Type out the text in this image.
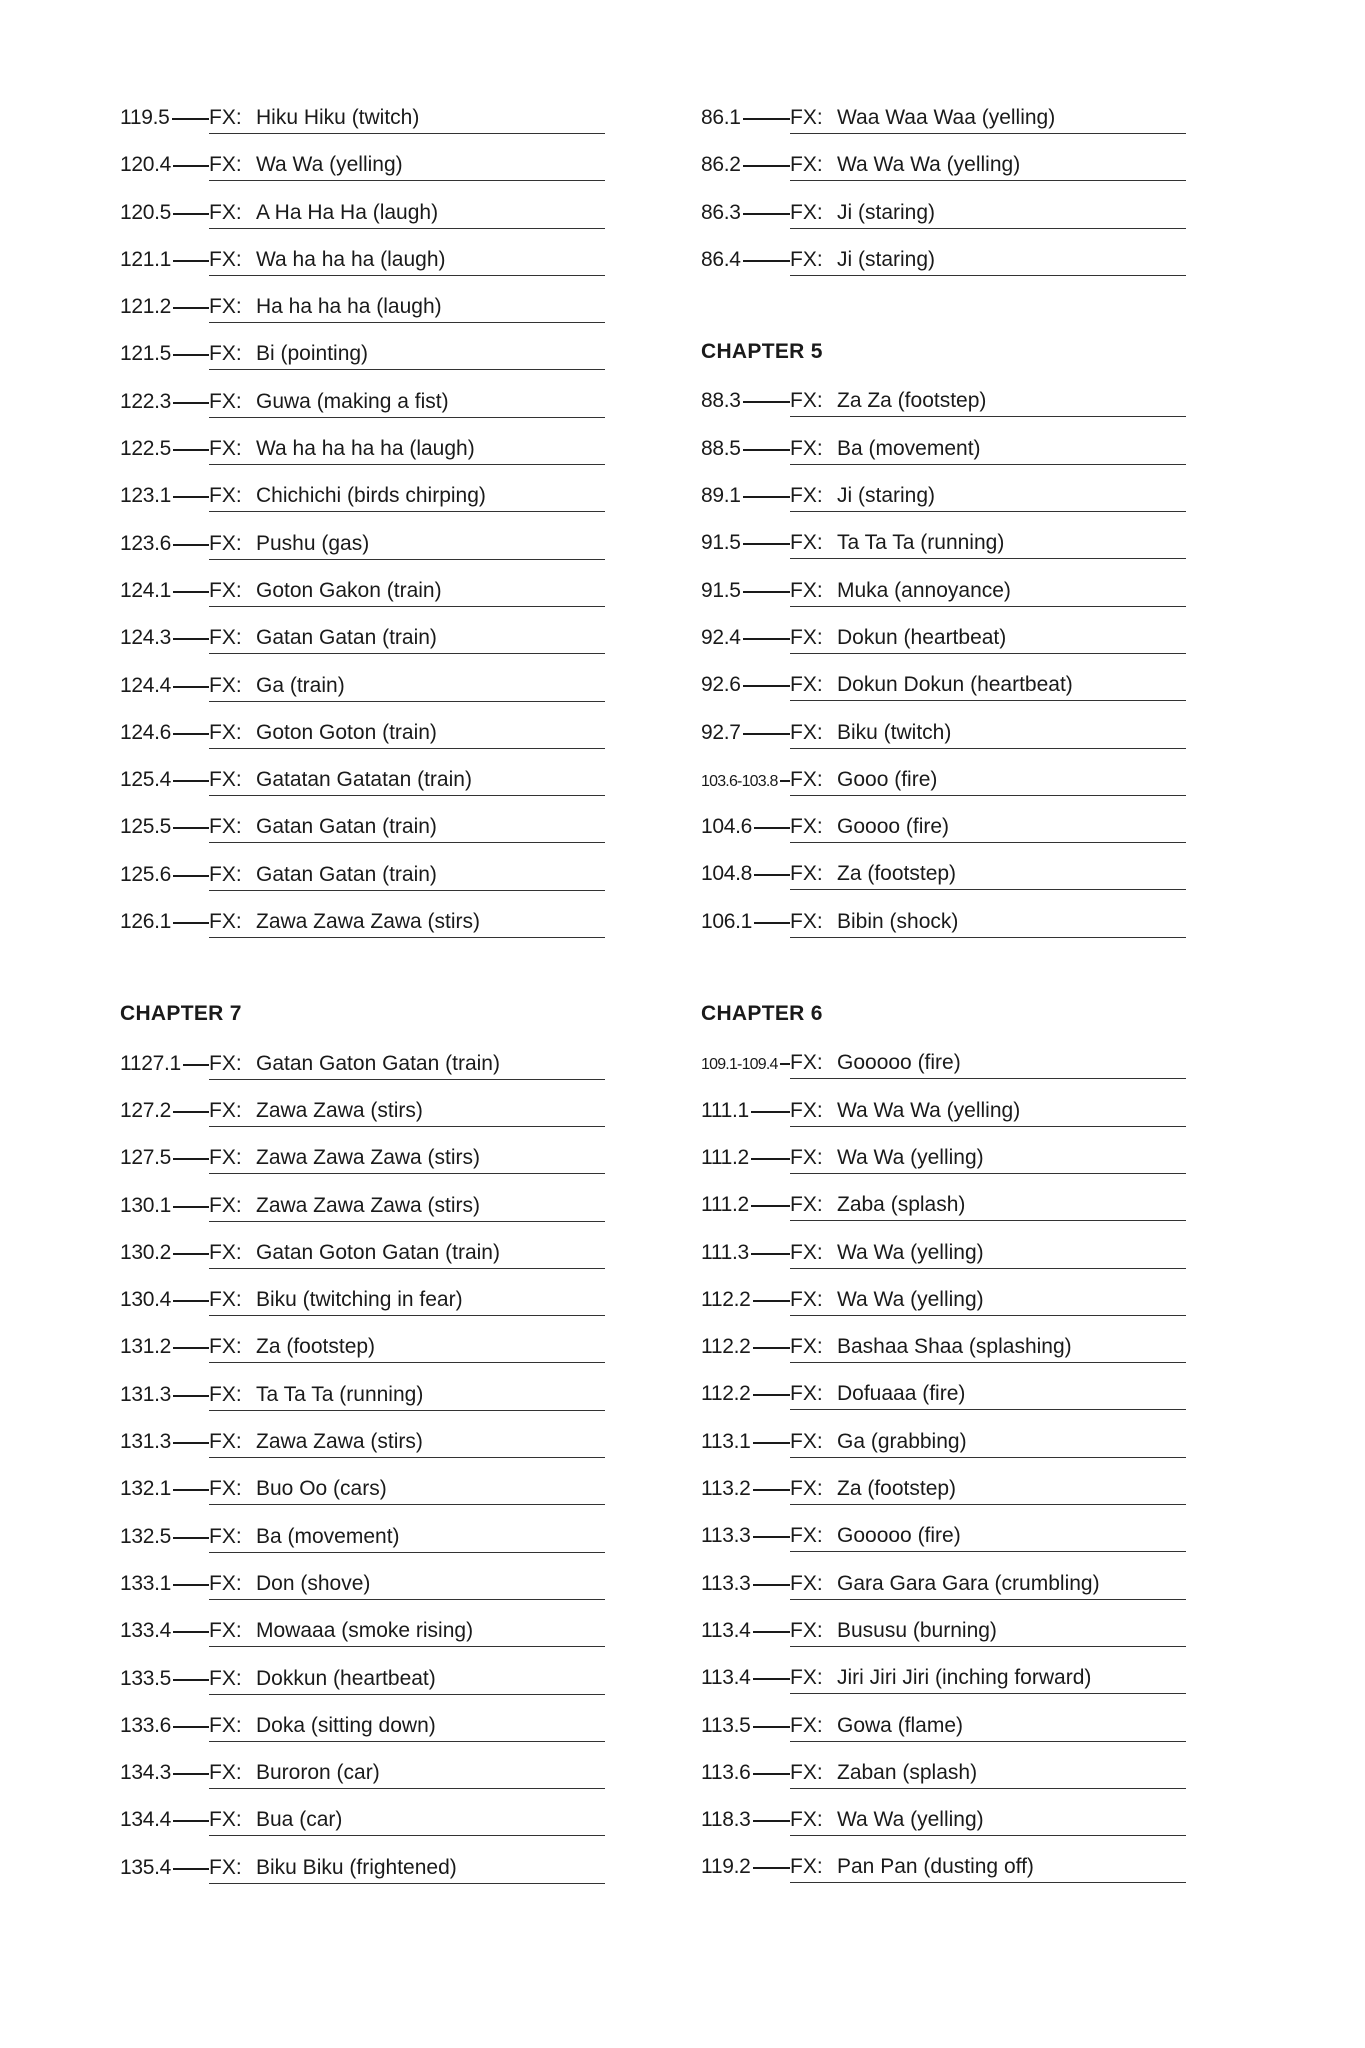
119.5 FX: Hiku Hiku (twitch)
120.4 FX: Wa Wa (yelling)
120.5 FX: A Ha Ha Ha (laugh)
121.1 FX: Wa ha ha ha (laugh)
121.2 FX: Ha ha ha ha (laugh)
121.5 FX: Bi (pointing)
122.3 FX: Guwa (making a fist)
122.5 FX: Wa ha ha ha ha (laugh)
123.1 FX: Chichichi (birds chirping)
123.6 FX: Pushu (gas)
124.1 FX: Goton Gakon (train)
124.3 FX: Gatan Gatan (train)
124.4 FX: Ga (train)
124.6 FX: Goton Goton (train)
125.4 FX: Gatatan Gatatan (train)
125.5 FX: Gatan Gatan (train)
125.6 FX: Gatan Gatan (train)
126.1 FX: Zawa Zawa Zawa (stirs)
CHAPTER 7
1127.1 FX: Gatan Gaton Gatan (train)
127.2 FX: Zawa Zawa (stirs)
127.5 FX: Zawa Zawa Zawa (stirs)
130.1 FX: Zawa Zawa Zawa (stirs)
130.2 FX: Gatan Goton Gatan (train)
130.4 FX: Biku (twitching in fear)
131.2 FX: Za (footstep)
131.3 FX: Ta Ta Ta (running)
131.3 FX: Zawa Zawa (stirs)
132.1 FX: Buo Oo (cars)
132.5 FX: Ba (movement)
133.1 FX: Don (shove)
133.4 FX: Mowaaa (smoke rising)
133.5 FX: Dokkun (heartbeat)
133.6 FX: Doka (sitting down)
134.3 FX: Buroron (car)
134.4 FX: Bua (car)
135.4 FX: Biku Biku (frightened)
86.1 FX: Waa Waa Waa (yelling)
86.2 FX: Wa Wa Wa (yelling)
86.3 FX: Ji (staring)
86.4 FX: Ji (staring)
CHAPTER 5
88.3 FX: Za Za (footstep)
88.5 FX: Ba (movement)
89.1 FX: Ji (staring)
91.5 FX: Ta Ta Ta (running)
91.5 FX: Muka (annoyance)
92.4 FX: Dokun (heartbeat)
92.6 FX: Dokun Dokun (heartbeat)
92.7 FX: Biku (twitch)
103.6-103.8 FX: Gooo (fire)
104.6 FX: Goooo (fire)
104.8 FX: Za (footstep)
106.1 FX: Bibin (shock)
CHAPTER 6
109.1-109.4 FX: Gooooo (fire)
111.1 FX: Wa Wa Wa (yelling)
111.2 FX: Wa Wa (yelling)
111.2 FX: Zaba (splash)
111.3 FX: Wa Wa (yelling)
112.2 FX: Wa Wa (yelling)
112.2 FX: Bashaa Shaa (splashing)
112.2 FX: Dofuaaa (fire)
113.1 FX: Ga (grabbing)
113.2 FX: Za (footstep)
113.3 FX: Gooooo (fire)
113.3 FX: Gara Gara Gara (crumbling)
113.4 FX: Bususu (burning)
113.4 FX: Jiri Jiri Jiri (inching forward)
113.5 FX: Gowa (flame)
113.6 FX: Zaban (splash)
118.3 FX: Wa Wa (yelling)
119.2 FX: Pan Pan (dusting off)
